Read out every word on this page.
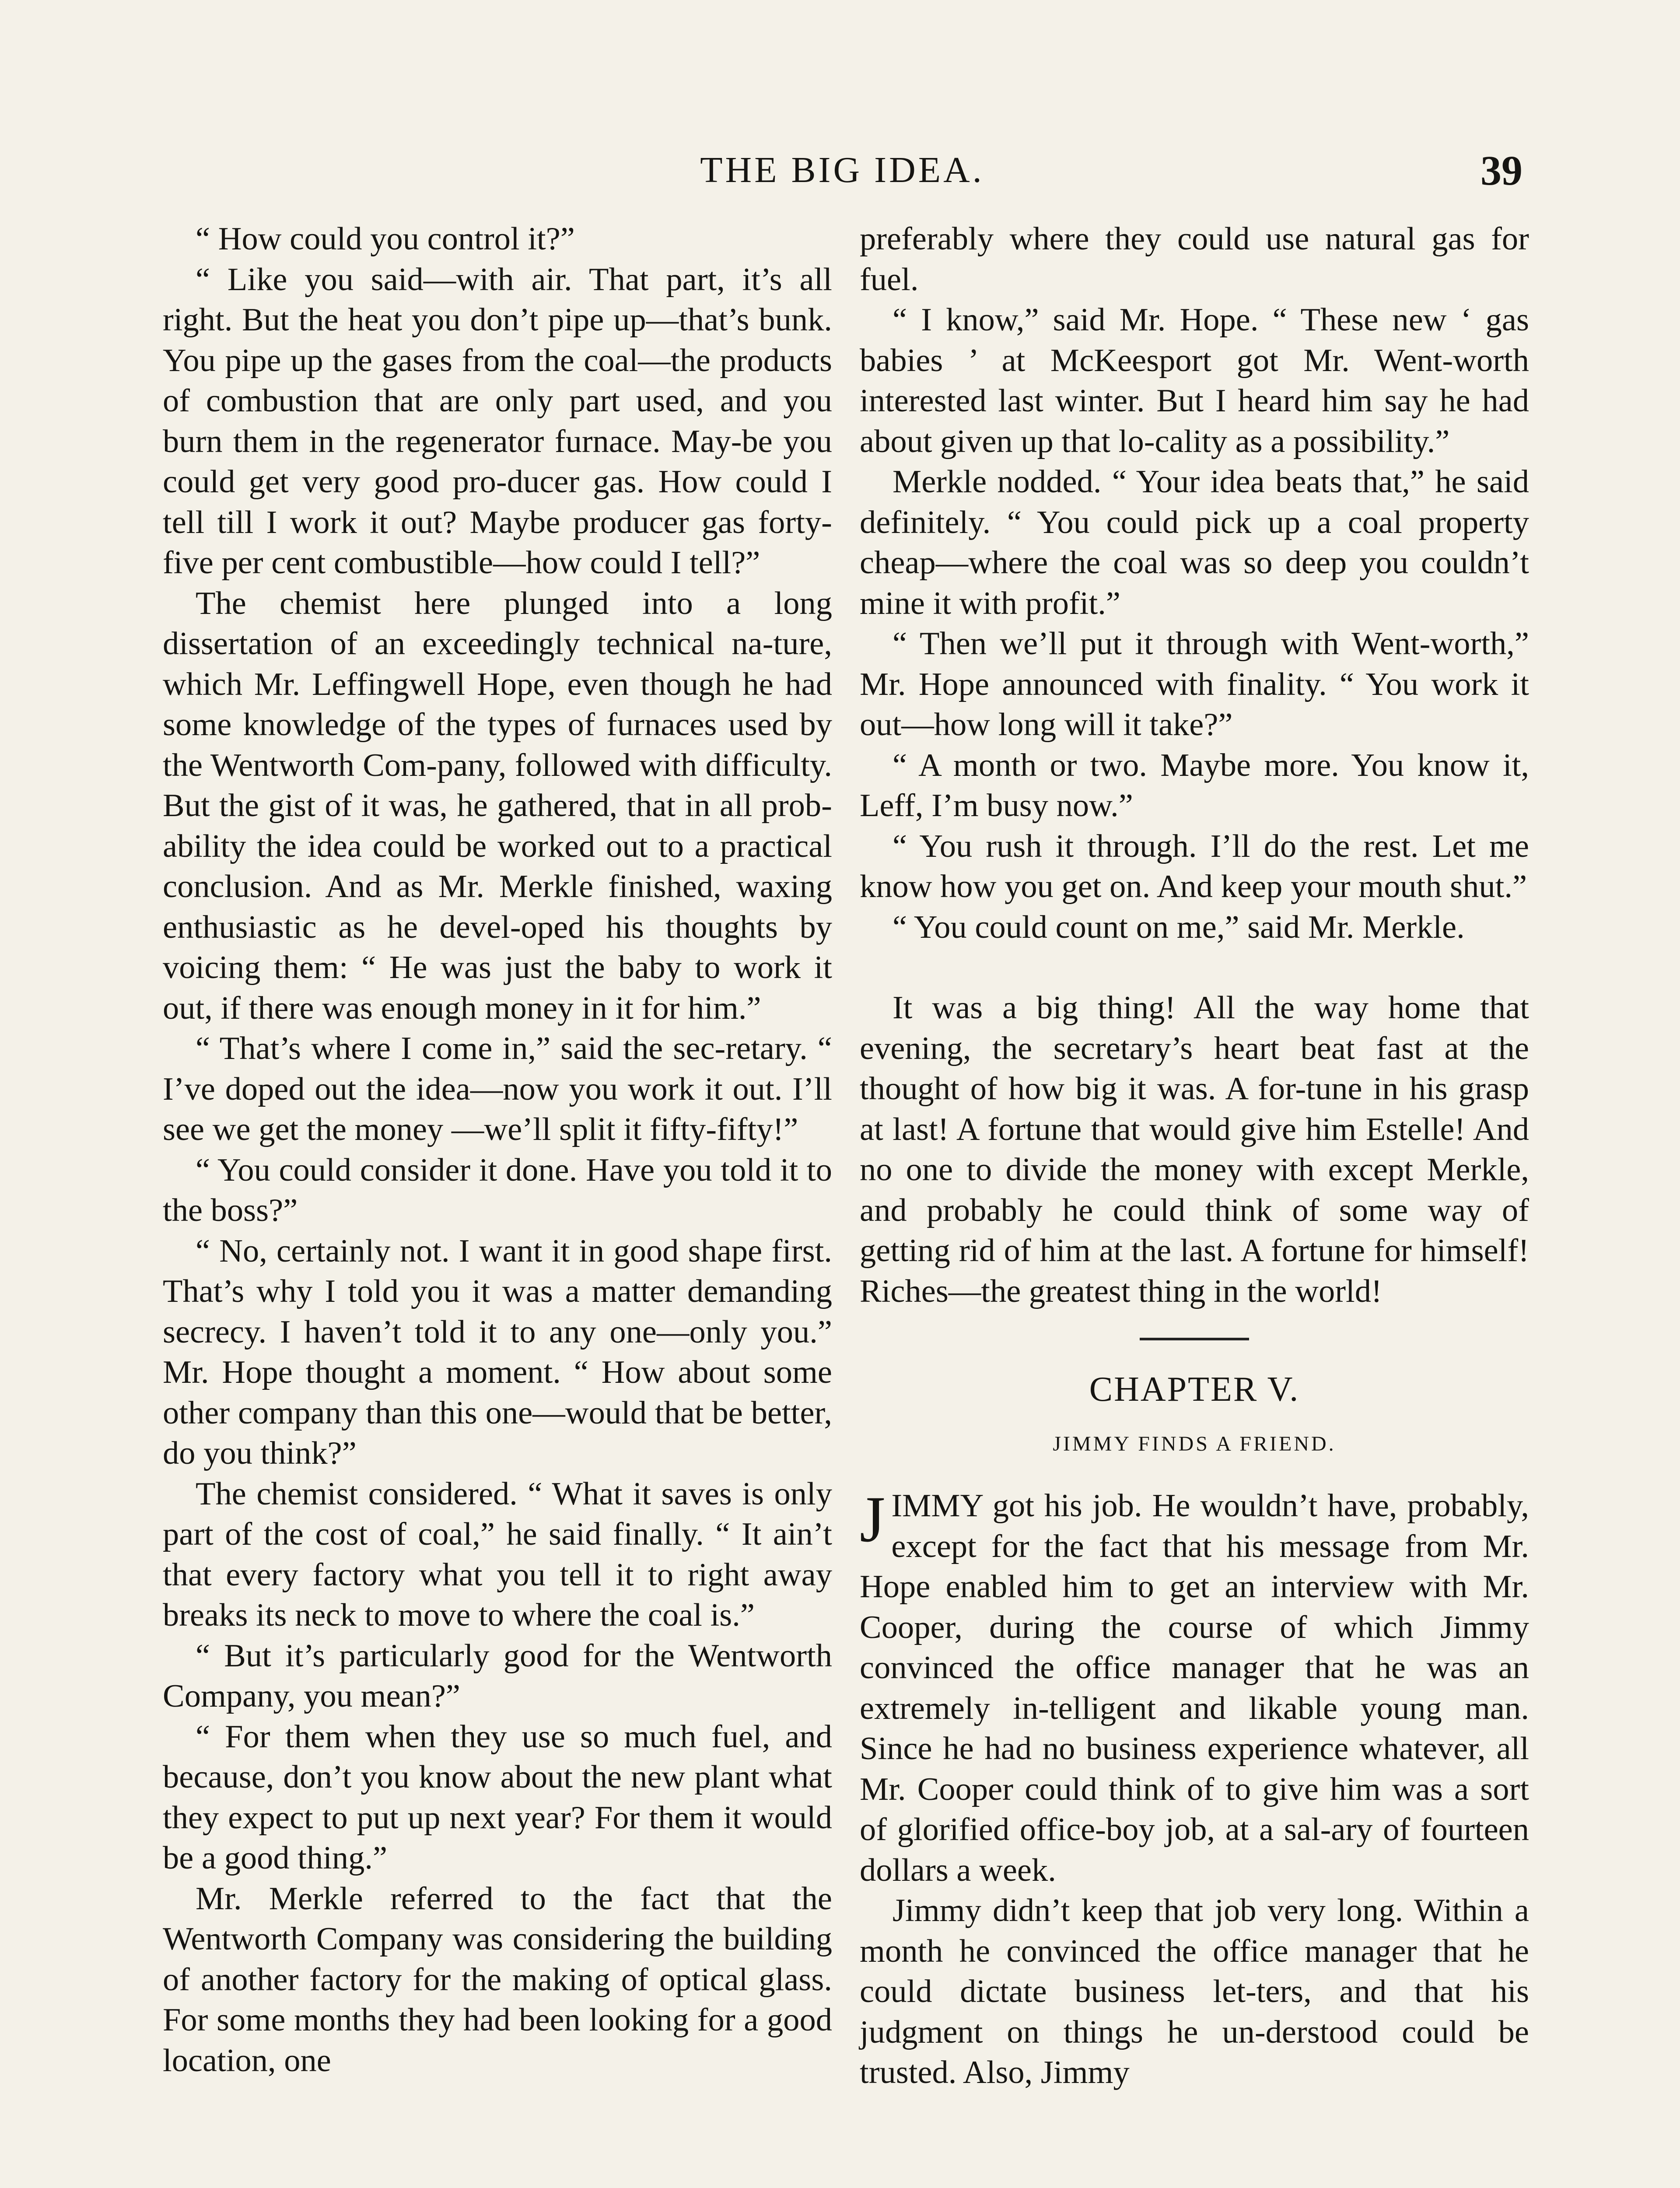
THE BIG IDEA.	39

“ How could you control it?”

“ Like you said—with air. That part, it’s all right. But the heat you don’t pipe up—that’s bunk. You pipe up the gases from the coal—the products of combustion that are only part used, and you burn them in the regenerator furnace. May-be you could get very good pro-ducer gas. How could I tell till I work it out? Maybe producer gas forty-five per cent combustible—how could I tell?”

The chemist here plunged into a long dissertation of an exceedingly technical na-ture, which Mr. Leffingwell Hope, even though he had some knowledge of the types of furnaces used by the Wentworth Com-pany, followed with difficulty. But the gist of it was, he gathered, that in all prob-ability the idea could be worked out to a practical conclusion. And as Mr. Merkle finished, waxing enthusiastic as he devel-oped his thoughts by voicing them: “ He was just the baby to work it out, if there was enough money in it for him.”

“ That’s where I come in,” said the sec-retary. “ I’ve doped out the idea—now you work it out. I’ll see we get the money —we’ll split it fifty-fifty!”

“ You could consider it done. Have you told it to the boss?”

“ No, certainly not. I want it in good shape first. That’s why I told you it was a matter demanding secrecy. I haven’t told it to any one—only you.” Mr. Hope thought a moment. “ How about some other company than this one—would that be better, do you think?”

The chemist considered. “ What it saves is only part of the cost of coal,” he said finally. “ It ain’t that every factory what you tell it to right away breaks its neck to move to where the coal is.”

“ But it’s particularly good for the Wentworth Company, you mean?”

“ For them when they use so much fuel, and because, don’t you know about the new plant what they expect to put up next year? For them it would be a good thing.”

Mr. Merkle referred to the fact that the Wentworth Company was considering the building of another factory for the making of optical glass. For some months they had been looking for a good location, one

preferably where they could use natural gas for fuel.

“ I know,” said Mr. Hope. “ These new ‘ gas babies ’ at McKeesport got Mr. Went-worth interested last winter. But I heard him say he had about given up that lo-cality as a possibility.”

Merkle nodded. “ Your idea beats that,” he said definitely. “ You could pick up a coal property cheap—where the coal was so deep you couldn’t mine it with profit.”

“ Then we’ll put it through with Went-worth,” Mr. Hope announced with finality. “ You work it out—how long will it take?”

“ A month or two. Maybe more. You know it, Leff, I’m busy now.”

“ You rush it through. I’ll do the rest. Let me know how you get on. And keep your mouth shut.”

“ You could count on me,” said Mr. Merkle.

It was a big thing! All the way home that evening, the secretary’s heart beat fast at the thought of how big it was. A for-tune in his grasp at last! A fortune that would give him Estelle! And no one to divide the money with except Merkle, and probably he could think of some way of getting rid of him at the last. A fortune for himself! Riches—the greatest thing in the world!

CHAPTER V.
JIMMY FINDS A FRIEND.

J IMMY got his job. He wouldn’t have, probably, except for the fact that his message from Mr. Hope enabled him to get an interview with Mr. Cooper, during the course of which Jimmy convinced the office manager that he was an extremely in-telligent and likable young man. Since he had no business experience whatever, all Mr. Cooper could think of to give him was a sort of glorified office-boy job, at a sal-ary of fourteen dollars a week.

Jimmy didn’t keep that job very long. Within a month he convinced the office manager that he could dictate business let-ters, and that his judgment on things he un-derstood could be trusted. Also, Jimmy
